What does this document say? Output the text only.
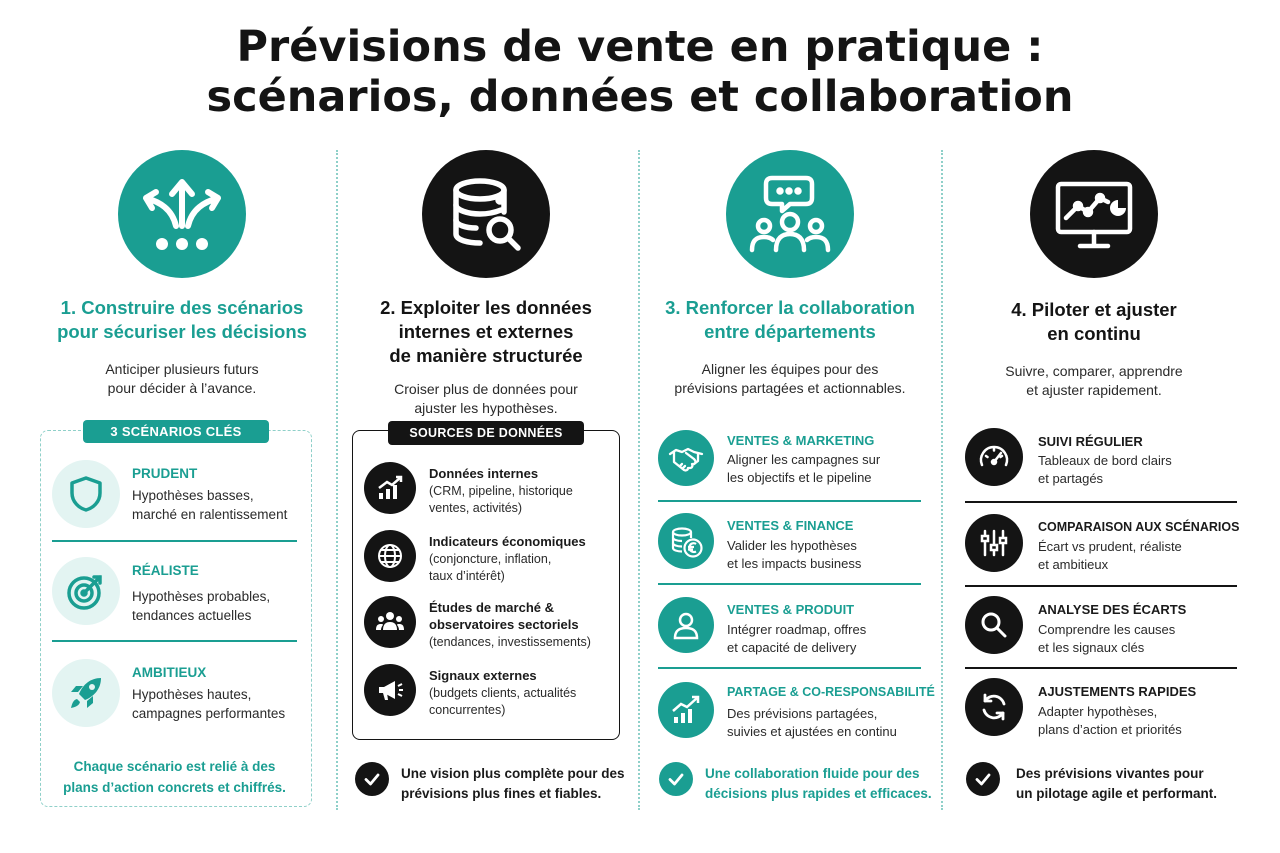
Prévisions de vente en pratique :
scénarios, données et collaboration
1. Construire des scénarios
pour sécuriser les décisions
Anticiper plusieurs futurs
pour décider à l’avance.
3 SCÉNARIOS CLÉS
PRUDENT
Hypothèses basses,
marché en ralentissement
RÉALISTE
Hypothèses probables,
tendances actuelles
AMBITIEUX
Hypothèses hautes,
campagnes performantes
Chaque scénario est relié à des
plans d’action concrets et chiffrés.
2. Exploiter les données
internes et externes
de manière structurée
Croiser plus de données pour
ajuster les hypothèses.
SOURCES DE DONNÉES
Données internes
(CRM, pipeline, historique
ventes, activités)
Indicateurs économiques
(conjoncture, inflation,
taux d’intérêt)
Études de marché &
observatoires sectoriels
(tendances, investissements)
Signaux externes
(budgets clients, actualités
concurrentes)
Une vision plus complète pour des
prévisions plus fines et fiables.
3. Renforcer la collaboration
entre départements
Aligner les équipes pour des
prévisions partagées et actionnables.
VENTES & MARKETING
Aligner les campagnes sur
les objectifs et le pipeline
VENTES & FINANCE
Valider les hypothèses
et les impacts business
VENTES & PRODUIT
Intégrer roadmap, offres
et capacité de delivery
PARTAGE & CO-RESPONSABILITÉ
Des prévisions partagées,
suivies et ajustées en continu
Une collaboration fluide pour des
décisions plus rapides et efficaces.
4. Piloter et ajuster
en continu
Suivre, comparer, apprendre
et ajuster rapidement.
SUIVI RÉGULIER
Tableaux de bord clairs
et partagés
COMPARAISON AUX SCÉNARIOS
Écart vs prudent, réaliste
et ambitieux
ANALYSE DES ÉCARTS
Comprendre les causes
et les signaux clés
AJUSTEMENTS RAPIDES
Adapter hypothèses,
plans d’action et priorités
Des prévisions vivantes pour
un pilotage agile et performant.
